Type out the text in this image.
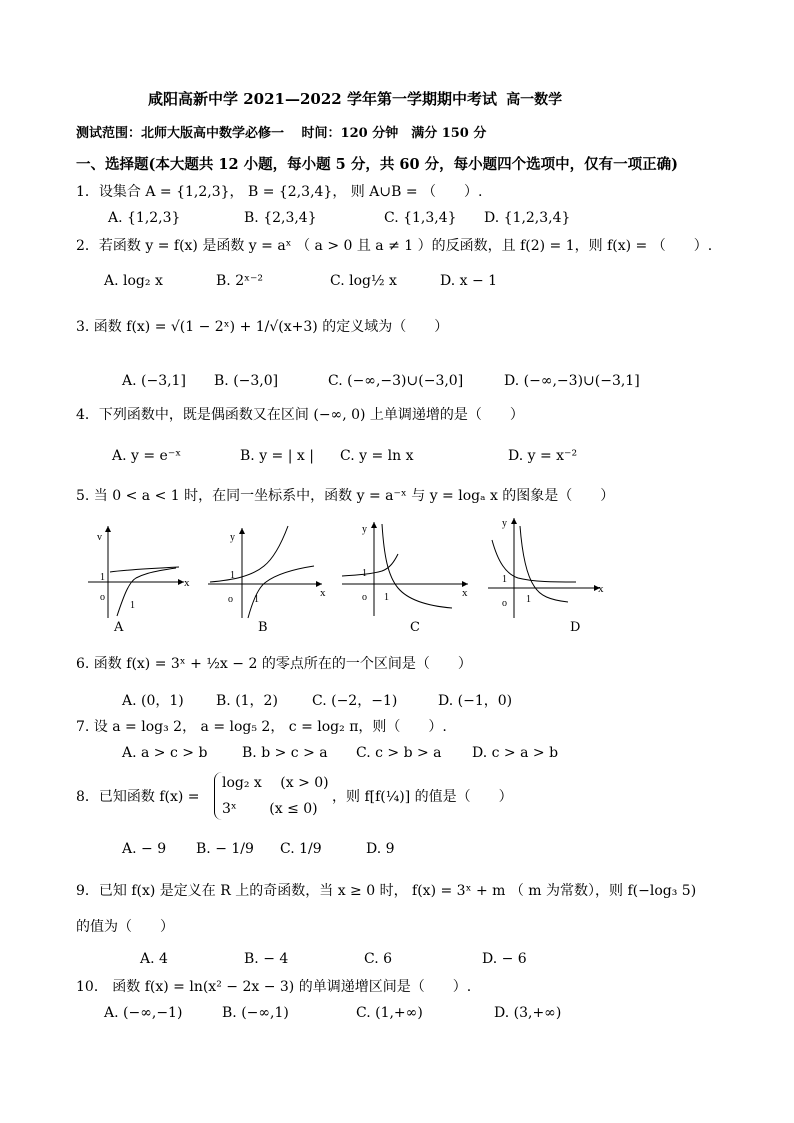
咸阳高新中学 2021—2022 学年第一学期期中考试 高一数学
测试范围：北师大版高中数学必修一　 时间：120 分钟　满分 150 分
一、选择题(本大题共 12 小题，每小题 5 分，共 60 分，每小题四个选项中，仅有一项正确)
1．设集合 A = {1,2,3}， B = {2,3,4}， 则 A∪B = （　　）.
A. {1,2,3}	B. {2,3,4}	C. {1,3,4} D. {1,2,3,4}
2．若函数 y = f(x) 是函数 y = aˣ （ a > 0 且 a ≠ 1 ）的反函数，且 f(2) = 1，则 f(x) = （　　）.
A. log₂ x	B. 2ˣ⁻²	C. log½ x	D. x − 1
3. 函数 f(x) = √(1 − 2ˣ) + 1/√(x+3) 的定义域为（　　）
A. (−3,1] B. (−3,0]	C. (−∞,−3)∪(−3,0]	D. (−∞,−3)∪(−3,1]
4．下列函数中，既是偶函数又在区间 (−∞, 0) 上单调递增的是（　　）
A. y = e⁻ˣ	B. y = | x | C. y = ln x	D. y = x⁻²
5. 当 0 < a < 1 时，在同一坐标系中，函数 y = a⁻ˣ 与 y = logₐ x 的图象是（　　）
1
v
o
1
x
A
y
1
o 1
x
B
y
1
o 1	x
C
y
1
o 1
x
D
6. 函数 f(x) = 3ˣ + ½x − 2 的零点所在的一个区间是（　　）
A. (0，1) B. (1，2) C. (−2，−1)	D. (−1，0)
7. 设 a = log₃ 2， a = log₅ 2， c = log₂ π，则（　　）.
A. a > c > b B. b > c > a C. c > b > a D. c > a > b
8．已知函数 f(x) =
log₂ x　 (x > 0)
3ˣ　　 (x ≤ 0)
，则 f[f(¼)] 的值是（　　）
A. − 9 B. − 1/9 C. 1/9	D. 9
9．已知 f(x) 是定义在 R 上的奇函数，当 x ≥ 0 时， f(x) = 3ˣ + m （ m 为常数），则 f(−log₃ 5)
的值为（　　）
A. 4	B. − 4	C. 6	D. − 6
10． 函数 f(x) = ln(x² − 2x − 3) 的单调递增区间是（　　）.
A. (−∞,−1)	B. (−∞,1)	C. (1,+∞)	D. (3,+∞)
